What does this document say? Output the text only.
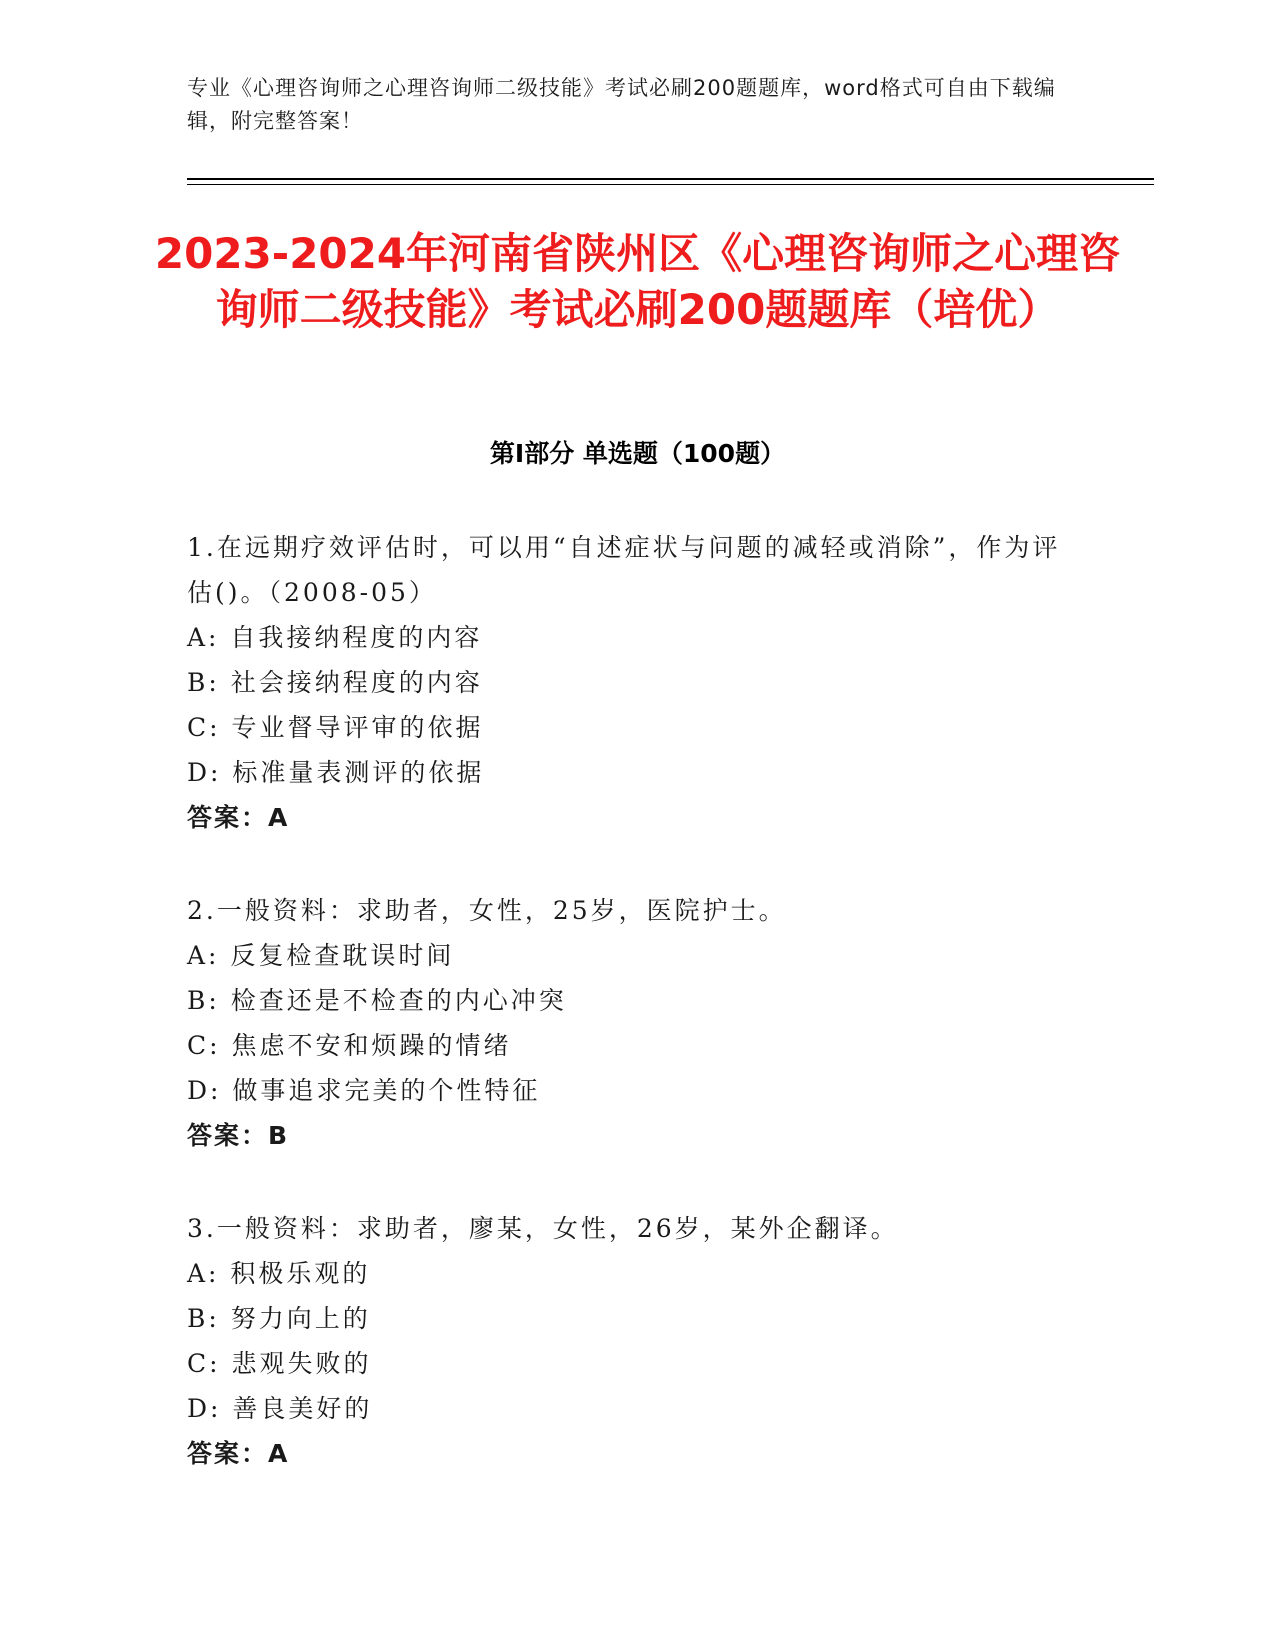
专业《心理咨询师之心理咨询师二级技能》考试必刷200题题库，word格式可自由下载编辑，附完整答案！
2023-2024年河南省陕州区《心理咨询师之心理咨询师二级技能》考试必刷200题题库（培优）
第Ⅰ部分 单选题（100题）
1.在远期疗效评估时，可以用“自述症状与问题的减轻或消除”，作为评估()。（2008-05）
A: 自我接纳程度的内容
B: 社会接纳程度的内容
C: 专业督导评审的依据
D: 标准量表测评的依据
答案：A
2.一般资料：求助者，女性，25岁，医院护士。
A: 反复检查耽误时间
B: 检查还是不检查的内心冲突
C: 焦虑不安和烦躁的情绪
D: 做事追求完美的个性特征
答案：B
3.一般资料：求助者，廖某，女性，26岁，某外企翻译。
A: 积极乐观的
B: 努力向上的
C: 悲观失败的
D: 善良美好的
答案：A
